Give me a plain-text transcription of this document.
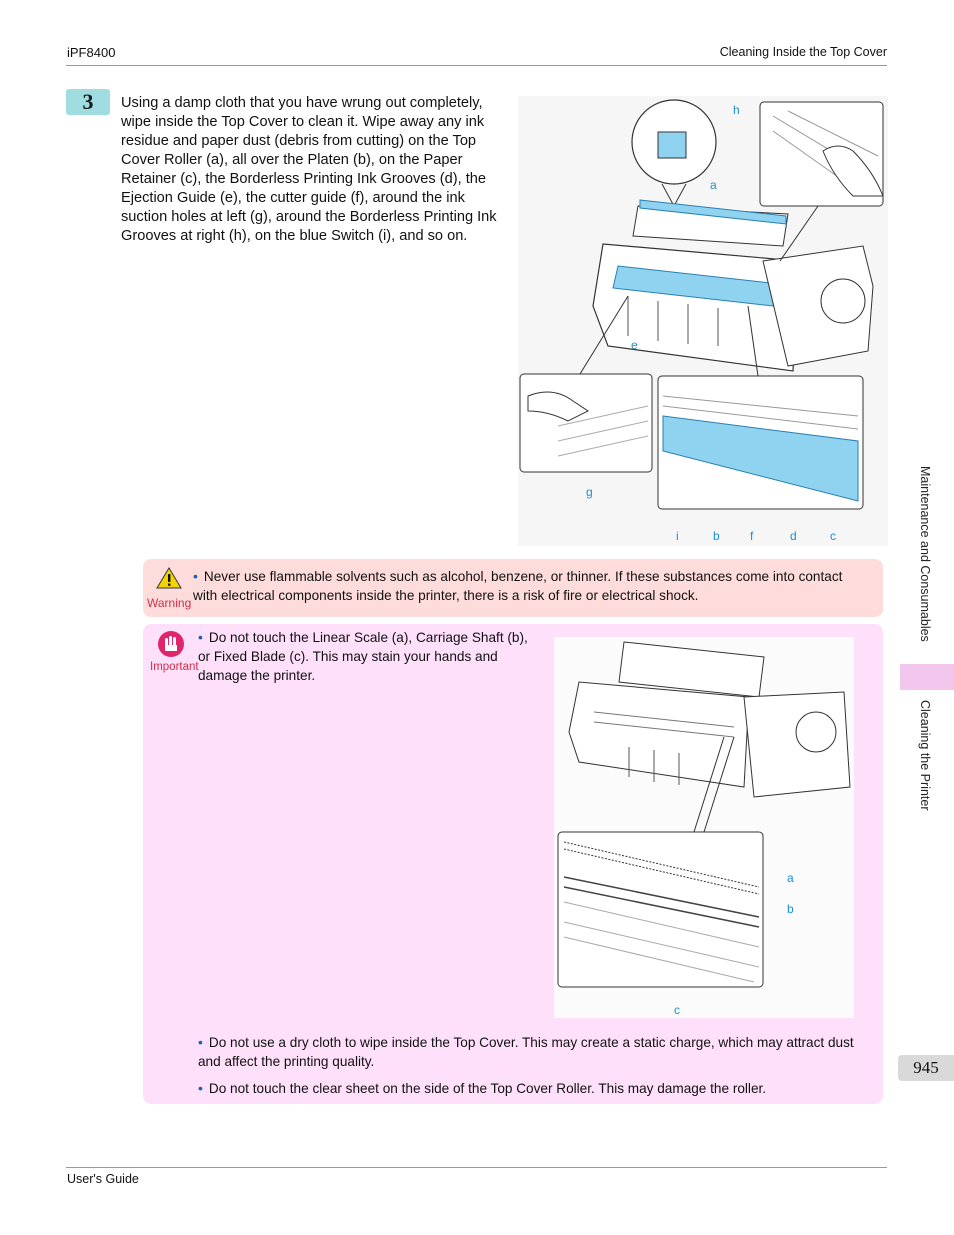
iPF8400	Cleaning Inside the Top Cover
3	Using a damp cloth that you have wrung out completely, wipe inside the Top Cover to clean it. Wipe away any ink residue and paper dust (debris from cutting) on the Top Cover Roller (a), all over the Platen (b), on the Paper Retainer (c), the Borderless Printing Ink Grooves (d), the Ejection Guide (e), the cutter guide (f), around the ink suction holes at left (g), around the Borderless Printing Ink Grooves at right (h), on the blue Switch (i), and so on.
h
a
e
g
i	b	f	d	c
Warning
• Never use flammable solvents such as alcohol, benzene, or thinner. If these substances come into contact with electrical components inside the printer, there is a risk of fire or electrical shock.
Important
• Do not touch the Linear Scale (a), Carriage Shaft (b), or Fixed Blade (c). This may stain your hands and damage the printer.
a
b
c
• Do not use a dry cloth to wipe inside the Top Cover. This may create a static charge, which may attract dust and affect the printing quality.
• Do not touch the clear sheet on the side of the Top Cover Roller. This may damage the roller.
Maintenance and Consumables
Cleaning the Printer
945
User's Guide
